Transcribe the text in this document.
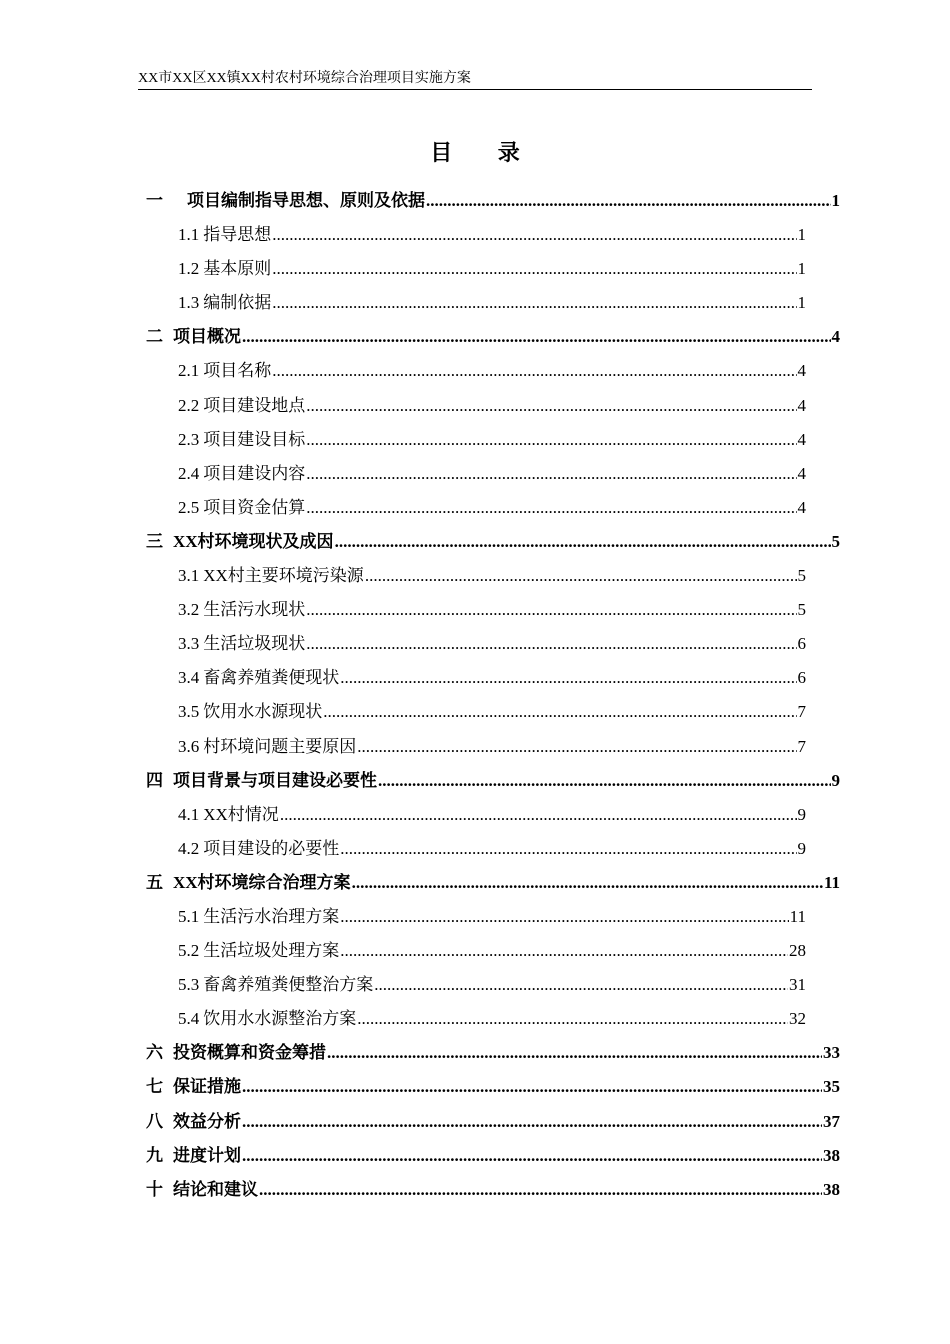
XX市XX区XX镇XX村农村环境综合治理项目实施方案
目 录
一 项目编制指导思想、原则及依据 .....	1
1.1 指导思想 .....	1
1.2 基本原则 .....	1
1.3 编制依据 .....	1
二 项目概况 .....	4
2.1 项目名称 .....	4
2.2 项目建设地点 .....	4
2.3 项目建设目标 .....	4
2.4 项目建设内容 .....	4
2.5 项目资金估算 .....	4
三 XX村环境现状及成因 .....	5
3.1 XX村主要环境污染源 .....	5
3.2 生活污水现状 .....	5
3.3 生活垃圾现状 .....	6
3.4 畜禽养殖粪便现状 .....	6
3.5 饮用水水源现状 .....	7
3.6 村环境问题主要原因 .....	7
四 项目背景与项目建设必要性 .....	9
4.1 XX村情况 .....	9
4.2 项目建设的必要性 .....	9
五 XX村环境综合治理方案 .....	11
5.1 生活污水治理方案 .....	11
5.2 生活垃圾处理方案 .....	28
5.3 畜禽养殖粪便整治方案 .....	31
5.4 饮用水水源整治方案 .....	32
六 投资概算和资金筹措 .....	33
七 保证措施 .....	35
八 效益分析 .....	37
九 进度计划 .....	38
十 结论和建议 .....	38
